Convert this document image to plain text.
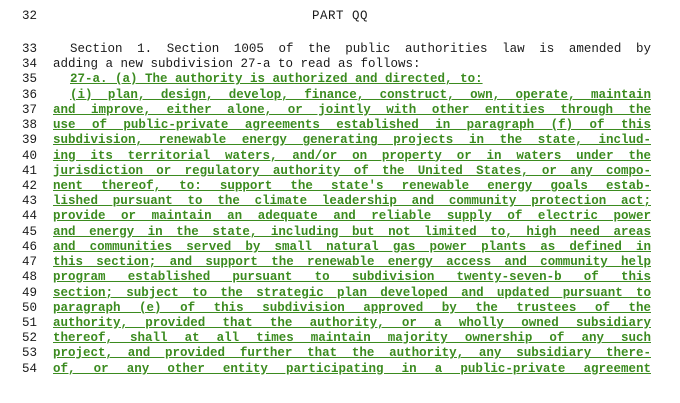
32	PART QQ
33	Section 1. Section 1005 of the public authorities law is amended by
34	adding a new subdivision 27-a to read as follows:
35	27-a. (a) The authority is authorized and directed, to:
36	(i) plan, design, develop, finance, construct, own, operate, maintain
37	and improve, either alone, or jointly with other entities through the
38	use of public-private agreements established in paragraph (f) of this
39	subdivision, renewable energy generating projects in the state, includ-
40	ing its territorial waters, and/or on property or in waters under the
41	jurisdiction or regulatory authority of the United States, or any compo-
42	nent thereof, to: support the state's renewable energy goals estab-
43	lished pursuant to the climate leadership and community protection act;
44	provide or maintain an adequate and reliable supply of electric power
45	and energy in the state, including but not limited to, high need areas
46	and communities served by small natural gas power plants as defined in
47	this section; and support the renewable energy access and community help
48	program established pursuant to subdivision twenty-seven-b of this
49	section; subject to the strategic plan developed and updated pursuant to
50	paragraph (e) of this subdivision approved by the trustees of the
51	authority, provided that the authority, or a wholly owned subsidiary
52	thereof, shall at all times maintain majority ownership of any such
53	project, and provided further that the authority, any subsidiary there-
54	of, or any other entity participating in a public-private agreement
